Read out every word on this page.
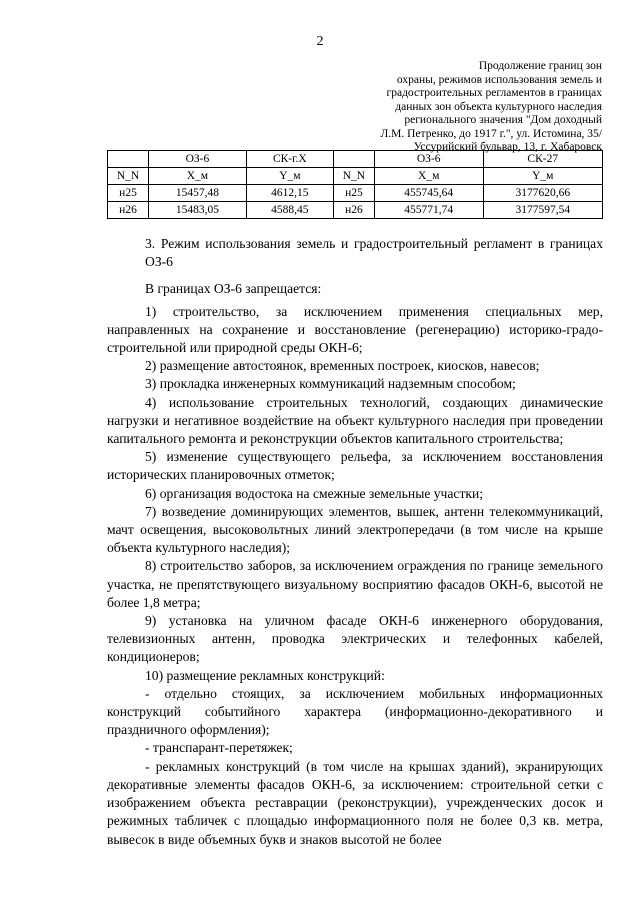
2
Продолжение границ зон
охраны, режимов использования земель и
градостроительных регламентов в границах
данных зон объекта культурного наследия
регионального значения "Дом доходный
Л.М. Петренко, до 1917 г.", ул. Истомина, 35/
Уссурийский бульвар, 13, г. Хабаровск
	ОЗ-6	СК-г.Х		ОЗ-6	СК-27
N_N	X_м	Y_м	N_N	X_м	Y_м
н25	15457,48	4612,15	н25	455745,64	3177620,66
н26	15483,05	4588,45	н26	455771,74	3177597,54

3. Режим использования земель и градостроительный регламент в границах ОЗ-6

В границах ОЗ-6 запрещается:

1) строительство, за исключением применения специальных мер, направленных на сохранение и восстановление (регенерацию) историко-градо- строительной или природной среды ОКН-6;

2) размещение автостоянок, временных построек, киосков, навесов;

3) прокладка инженерных коммуникаций надземным способом;

4) использование строительных технологий, создающих динамические нагрузки и негативное воздействие на объект культурного наследия при проведении капитального ремонта и реконструкции объектов капитального строительства;

5) изменение существующего рельефа, за исключением восстановления исторических планировочных отметок;

6) организация водостока на смежные земельные участки;

7) возведение доминирующих элементов, вышек, антенн телекоммуникаций, мачт освещения, высоковольтных линий электропередачи (в том числе на крыше объекта культурного наследия);

8) строительство заборов, за исключением ограждения по границе земельного участка, не препятствующего визуальному восприятию фасадов ОКН-6, высотой не более 1,8 метра;

9) установка на уличном фасаде ОКН-6 инженерного оборудования, телевизионных антенн, проводка электрических и телефонных кабелей, кондиционеров;

10) размещение рекламных конструкций:

- отдельно стоящих, за исключением мобильных информационных конструкций событийного характера (информационно-декоративного и праздничного оформления);

- транспарант-перетяжек;

- рекламных конструкций (в том числе на крышах зданий), экранирующих декоративные элементы фасадов ОКН-6, за исключением: строительной сетки с изображением объекта реставрации (реконструкции), учрежденческих досок и режимных табличек с площадью информационного поля не более 0,3 кв. метра, вывесок в виде объемных букв и знаков высотой не более
